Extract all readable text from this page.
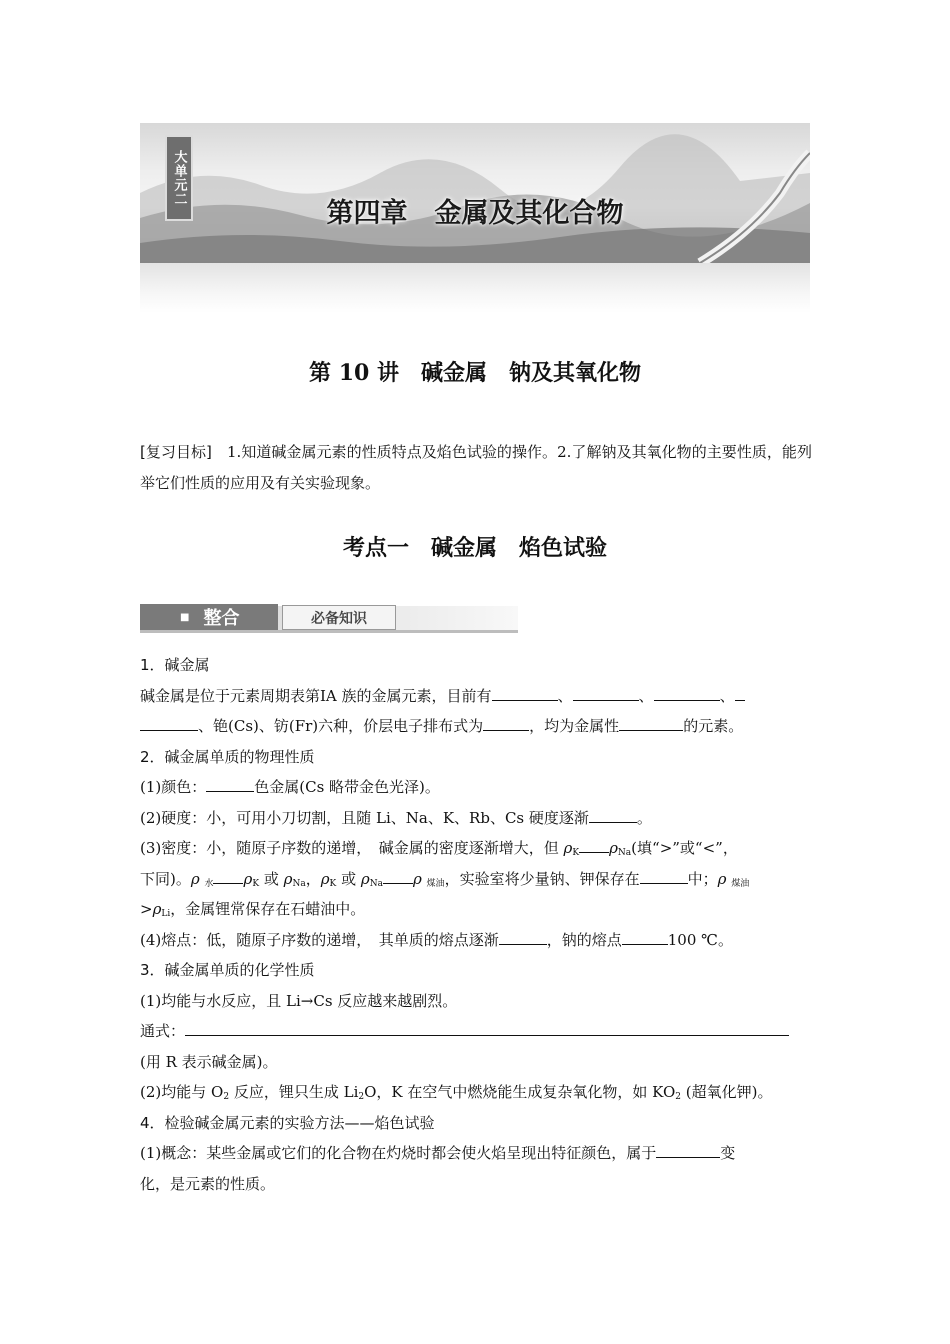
大单元二
第四章　金属及其化合物
第 10 讲　碱金属　钠及其氧化物
[复习目标]　 1.知道碱金属元素的性质特点及焰色试验的操作。2.了解钠及其氧化物的主要性质，能列举它们性质的应用及有关实验现象。
考点一　碱金属　焰色试验
■ 整合	必备知识

1．碱金属

碱金属是位于元素周期表第ⅠA 族的金属元素，目前有	、	、	、

、铯(Cs)、钫(Fr)六种，价层电子排布式为	，均为金属性	的元素。

2．碱金属单质的物理性质

(1)颜色：	色金属(Cs 略带金色光泽)。

(2)硬度：小，可用小刀切割，且随 Li、Na、K、Rb、Cs 硬度逐渐	。

(3)密度：小，随原子序数的递增，　碱金属的密度逐渐增大，但 $\rho_K$ $\rho_{Na}$(填“>”或“<”，

下同)。ρ $_水$ $\rho_K$ 或 $\rho_{Na}$，$\rho_K$ 或 $\rho_{Na}$ ρ $_{煤油}$，实验室将少量钠、钾保存在	中；ρ $_{煤油}$

$>\rho_{Li}$，金属锂常保存在石蜡油中。

(4)熔点：低，随原子序数的递增，　其单质的熔点逐渐	，钠的熔点	100 ℃。

3．碱金属单质的化学性质

(1)均能与水反应，且 Li→Cs 反应越来越剧烈。

通式：

(用 R 表示碱金属)。

(2)均能与 $O_2$ 反应，锂只生成 $Li_2O$，K 在空气中燃烧能生成复杂氧化物，如 $KO_2$ (超氧化钾)。

4．检验碱金属元素的实验方法——焰色试验

(1)概念：某些金属或它们的化合物在灼烧时都会使火焰呈现出特征颜色，属于	变

化，是元素的性质。
